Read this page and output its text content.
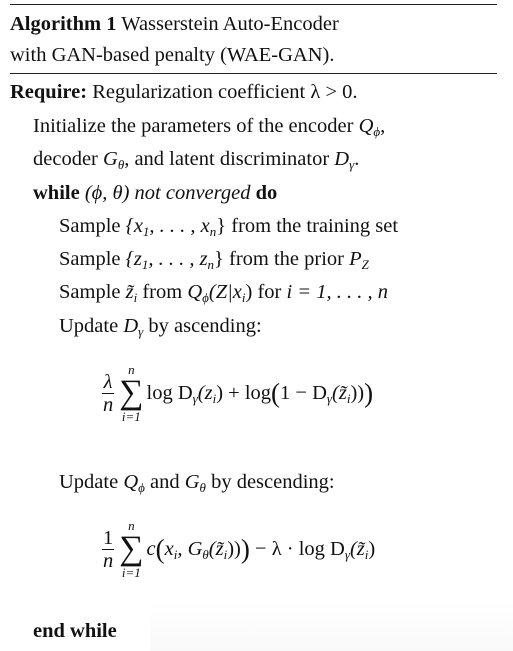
Algorithm 1 Wasserstein Auto-Encoder
with GAN-based penalty (WAE-GAN).
Require: Regularization coefficient λ > 0.
Initialize the parameters of the encoder $Q_\phi$,
decoder $G_\theta$, and latent discriminator $D_\gamma$.
while (ϕ, θ) not converged do
Sample {$x_1$, . . . , $x_n$} from the training set
Sample {$z_1$, . . . , $z_n$} from the prior $P_Z$
Sample $z̃_i$ from $Q_\phi(Z|x_i)$ for i = 1, . . . , n
Update $D_\gamma$ by ascending:
$\frac{\lambda}{n}$
n
∑
i=1
$\log D_\gamma(z_i) + \log(1$ − $D_\gamma(z̃_i)$))
Update $Q_\phi$ and $G_\theta$ by descending:
$\frac{1}{n}$
n
∑
i=1
$c(x_i$, $G_\theta(z̃_i))) - \lambda \cdot \log$ $D_\gamma(z̃_i)$
end while
